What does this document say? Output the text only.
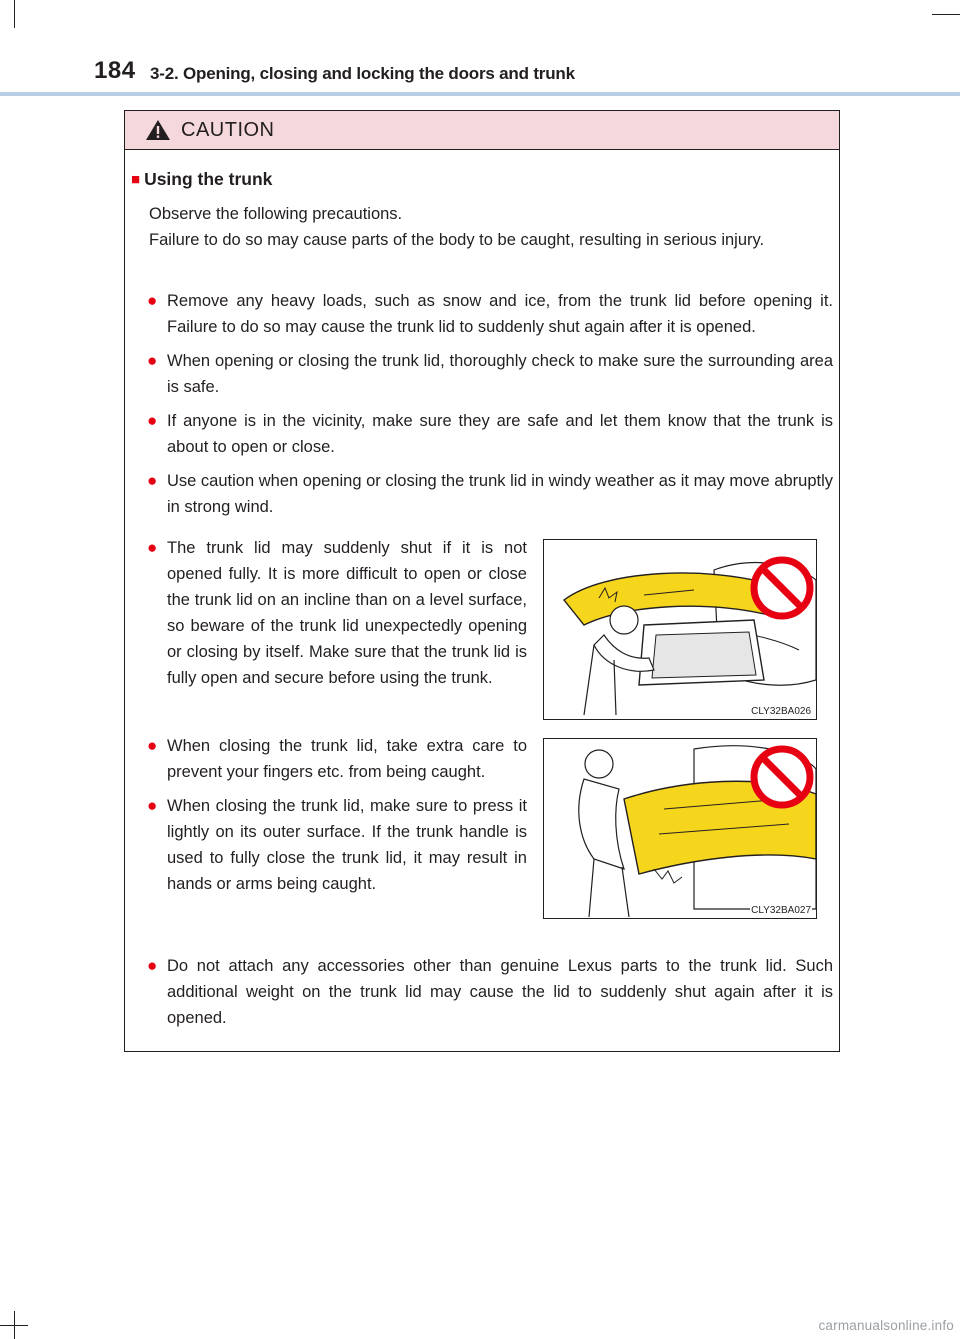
184 3-2. Opening, closing and locking the doors and trunk
CAUTION
■ Using the trunk
Observe the following precautions.
Failure to do so may cause parts of the body to be caught, resulting in serious injury.
● Remove any heavy loads, such as snow and ice, from the trunk lid before opening it. Failure to do so may cause the trunk lid to suddenly shut again after it is opened.
● When opening or closing the trunk lid, thoroughly check to make sure the surrounding area is safe.
● If anyone is in the vicinity, make sure they are safe and let them know that the trunk is about to open or close.
● Use caution when opening or closing the trunk lid in windy weather as it may move abruptly in strong wind.
● The trunk lid may suddenly shut if it is not opened fully. It is more difficult to open or close the trunk lid on an incline than on a level surface, so beware of the trunk lid unexpectedly opening or closing by itself. Make sure that the trunk lid is fully open and secure before using the trunk.
CLY32BA026
● When closing the trunk lid, take extra care to prevent your fingers etc. from being caught.
● When closing the trunk lid, make sure to press it lightly on its outer surface. If the trunk handle is used to fully close the trunk lid, it may result in hands or arms being caught.
CLY32BA027
● Do not attach any accessories other than genuine Lexus parts to the trunk lid. Such additional weight on the trunk lid may cause the lid to suddenly shut again after it is opened.
carmanualsonline.info
